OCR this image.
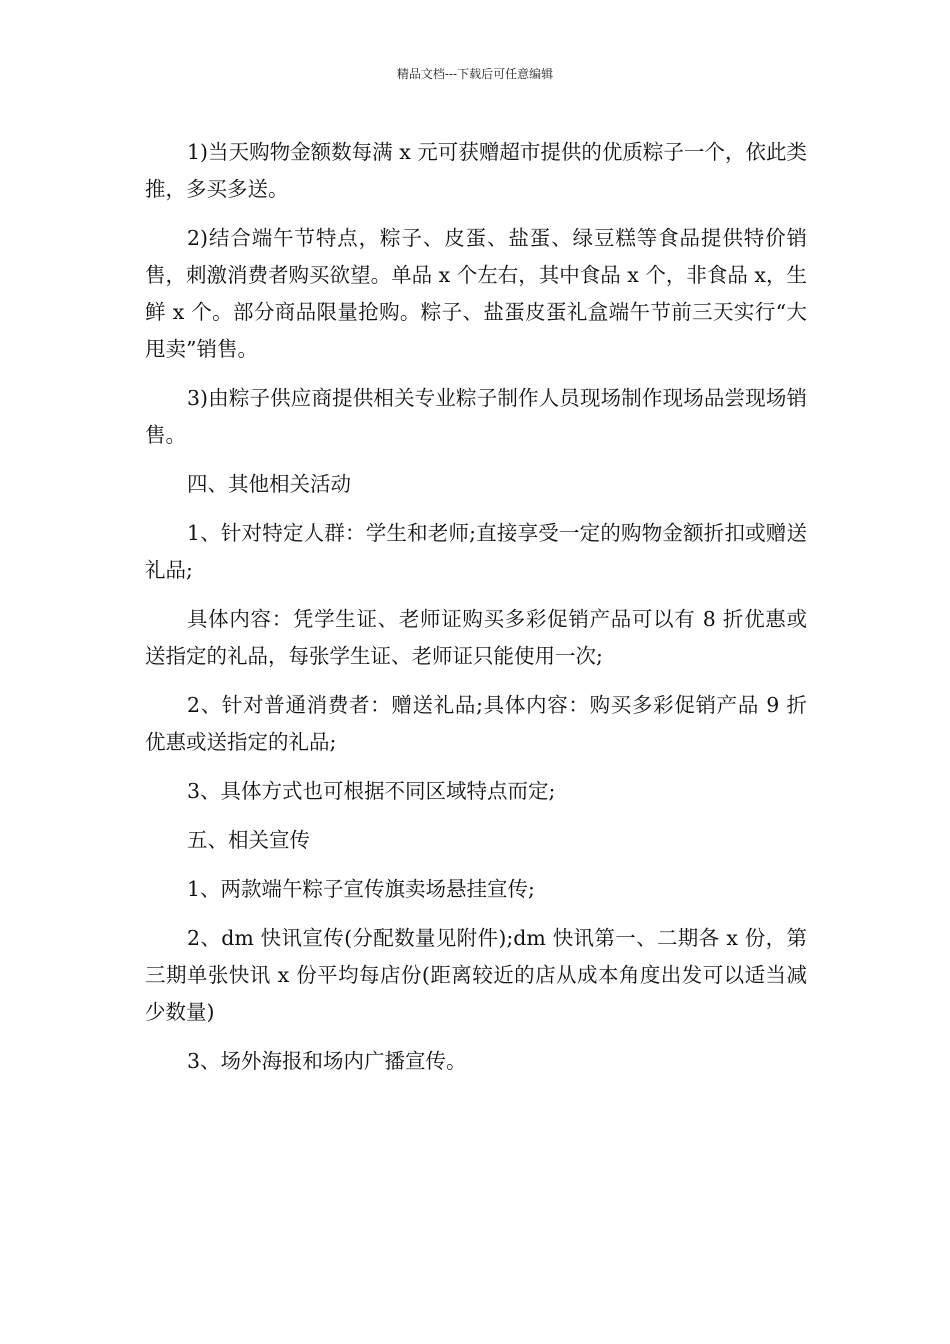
精品文档---下载后可任意编辑

1)当天购物金额数每满 x 元可获赠超市提供的优质粽子一个，依此类推，多买多送。

2)结合端午节特点，粽子、皮蛋、盐蛋、绿豆糕等食品提供特价销售，刺激消费者购买欲望。单品 x 个左右，其中食品 x 个，非食品 x，生鲜 x 个。部分商品限量抢购。粽子、盐蛋皮蛋礼盒端午节前三天实行“大甩卖”销售。

3)由粽子供应商提供相关专业粽子制作人员现场制作现场品尝现场销售。

四、其他相关活动

1、针对特定人群：学生和老师;直接享受一定的购物金额折扣或赠送礼品;

具体内容：凭学生证、老师证购买多彩促销产品可以有 8 折优惠或送指定的礼品，每张学生证、老师证只能使用一次;

2、针对普通消费者：赠送礼品;具体内容：购买多彩促销产品 9 折优惠或送指定的礼品;

3、具体方式也可根据不同区域特点而定;

五、相关宣传

1、两款端午粽子宣传旗卖场悬挂宣传;

2、dm 快讯宣传(分配数量见附件);dm 快讯第一、二期各 x 份，第三期单张快讯 x 份平均每店份(距离较近的店从成本角度出发可以适当减少数量)

3、场外海报和场内广播宣传。
